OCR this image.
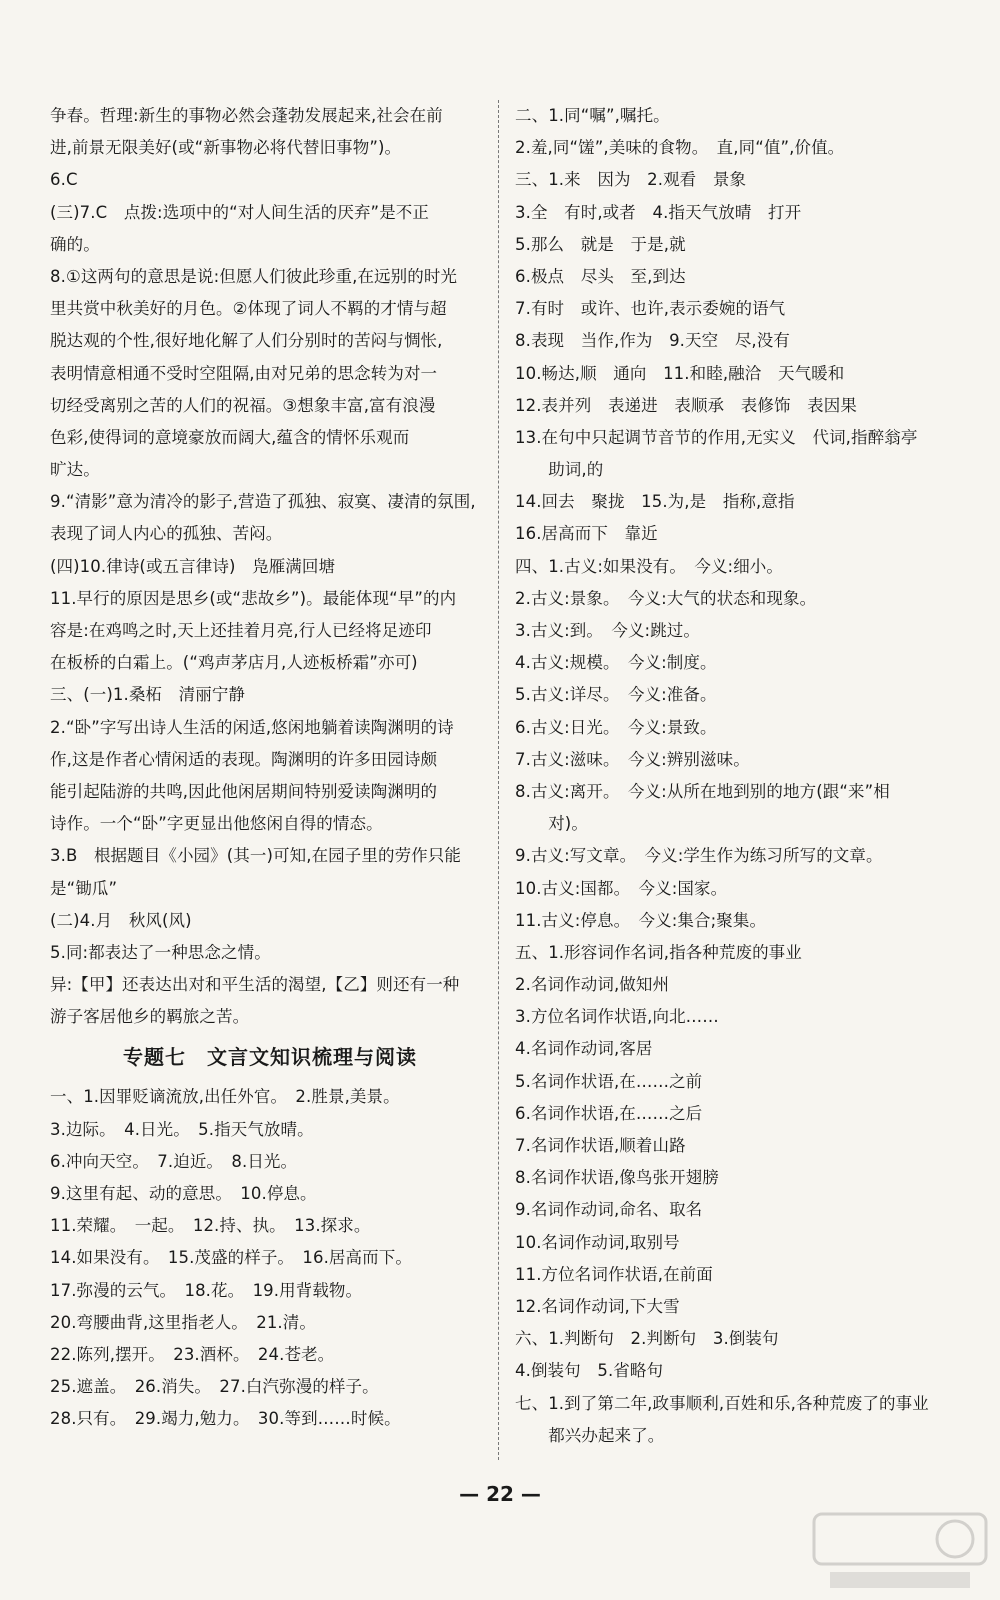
争春。哲理:新生的事物必然会蓬勃发展起来,社会在前
进,前景无限美好(或“新事物必将代替旧事物”)。
6.C
(三)7.C　点拨:选项中的“对人间生活的厌弃”是不正
确的。
8.①这两句的意思是说:但愿人们彼此珍重,在远别的时光
里共赏中秋美好的月色。②体现了词人不羁的才情与超
脱达观的个性,很好地化解了人们分别时的苦闷与惆怅,
表明情意相通不受时空阻隔,由对兄弟的思念转为对一
切经受离别之苦的人们的祝福。③想象丰富,富有浪漫
色彩,使得词的意境豪放而阔大,蕴含的情怀乐观而
旷达。
9.“清影”意为清冷的影子,营造了孤独、寂寞、凄清的氛围,
表现了词人内心的孤独、苦闷。
(四)10.律诗(或五言律诗)　凫雁满回塘
11.早行的原因是思乡(或“悲故乡”)。最能体现“早”的内
容是:在鸡鸣之时,天上还挂着月亮,行人已经将足迹印
在板桥的白霜上。(“鸡声茅店月,人迹板桥霜”亦可)
三、(一)1.桑柘　清丽宁静
2.“卧”字写出诗人生活的闲适,悠闲地躺着读陶渊明的诗
作,这是作者心情闲适的表现。陶渊明的许多田园诗颇
能引起陆游的共鸣,因此他闲居期间特别爱读陶渊明的
诗作。一个“卧”字更显出他悠闲自得的情态。
3.B　根据题目《小园》(其一)可知,在园子里的劳作只能
是“锄瓜”
(二)4.月　秋风(风)
5.同:都表达了一种思念之情。
异:【甲】还表达出对和平生活的渴望,【乙】则还有一种
游子客居他乡的羁旅之苦。
专题七　文言文知识梳理与阅读
一、1.因罪贬谪流放,出任外官。　2.胜景,美景。
3.边际。　4.日光。　5.指天气放晴。
6.冲向天空。　7.迫近。　8.日光。
9.这里有起、动的意思。　10.停息。
11.荣耀。　一起。　12.持、执。　13.探求。
14.如果没有。　15.茂盛的样子。　16.居高而下。
17.弥漫的云气。　18.花。　19.用背载物。
20.弯腰曲背,这里指老人。　21.清。
22.陈列,摆开。　23.酒杯。　24.苍老。
25.遮盖。　26.消失。　27.白汽弥漫的样子。
28.只有。　29.竭力,勉力。　30.等到……时候。
二、1.同“嘱”,嘱托。
2.羞,同“馐”,美味的食物。　直,同“值”,价值。
三、1.来　因为　2.观看　景象
3.全　有时,或者　4.指天气放晴　打开
5.那么　就是　于是,就
6.极点　尽头　至,到达
7.有时　或许、也许,表示委婉的语气
8.表现　当作,作为　9.天空　尽,没有
10.畅达,顺　通向　11.和睦,融洽　天气暖和
12.表并列　表递进　表顺承　表修饰　表因果
13.在句中只起调节音节的作用,无实义　代词,指醉翁亭
　　助词,的
14.回去　聚拢　15.为,是　指称,意指
16.居高而下　靠近
四、1.古义:如果没有。　今义:细小。
2.古义:景象。　今义:大气的状态和现象。
3.古义:到。　今义:跳过。
4.古义:规模。　今义:制度。
5.古义:详尽。　今义:准备。
6.古义:日光。　今义:景致。
7.古义:滋味。　今义:辨别滋味。
8.古义:离开。　今义:从所在地到别的地方(跟“来”相
　　对)。
9.古义:写文章。　今义:学生作为练习所写的文章。
10.古义:国都。　今义:国家。
11.古义:停息。　今义:集合;聚集。
五、1.形容词作名词,指各种荒废的事业
2.名词作动词,做知州
3.方位名词作状语,向北……
4.名词作动词,客居
5.名词作状语,在……之前
6.名词作状语,在……之后
7.名词作状语,顺着山路
8.名词作状语,像鸟张开翅膀
9.名词作动词,命名、取名
10.名词作动词,取别号
11.方位名词作状语,在前面
12.名词作动词,下大雪
六、1.判断句　2.判断句　3.倒装句
4.倒装句　5.省略句
七、1.到了第二年,政事顺利,百姓和乐,各种荒废了的事业
　　都兴办起来了。
— 22 —
